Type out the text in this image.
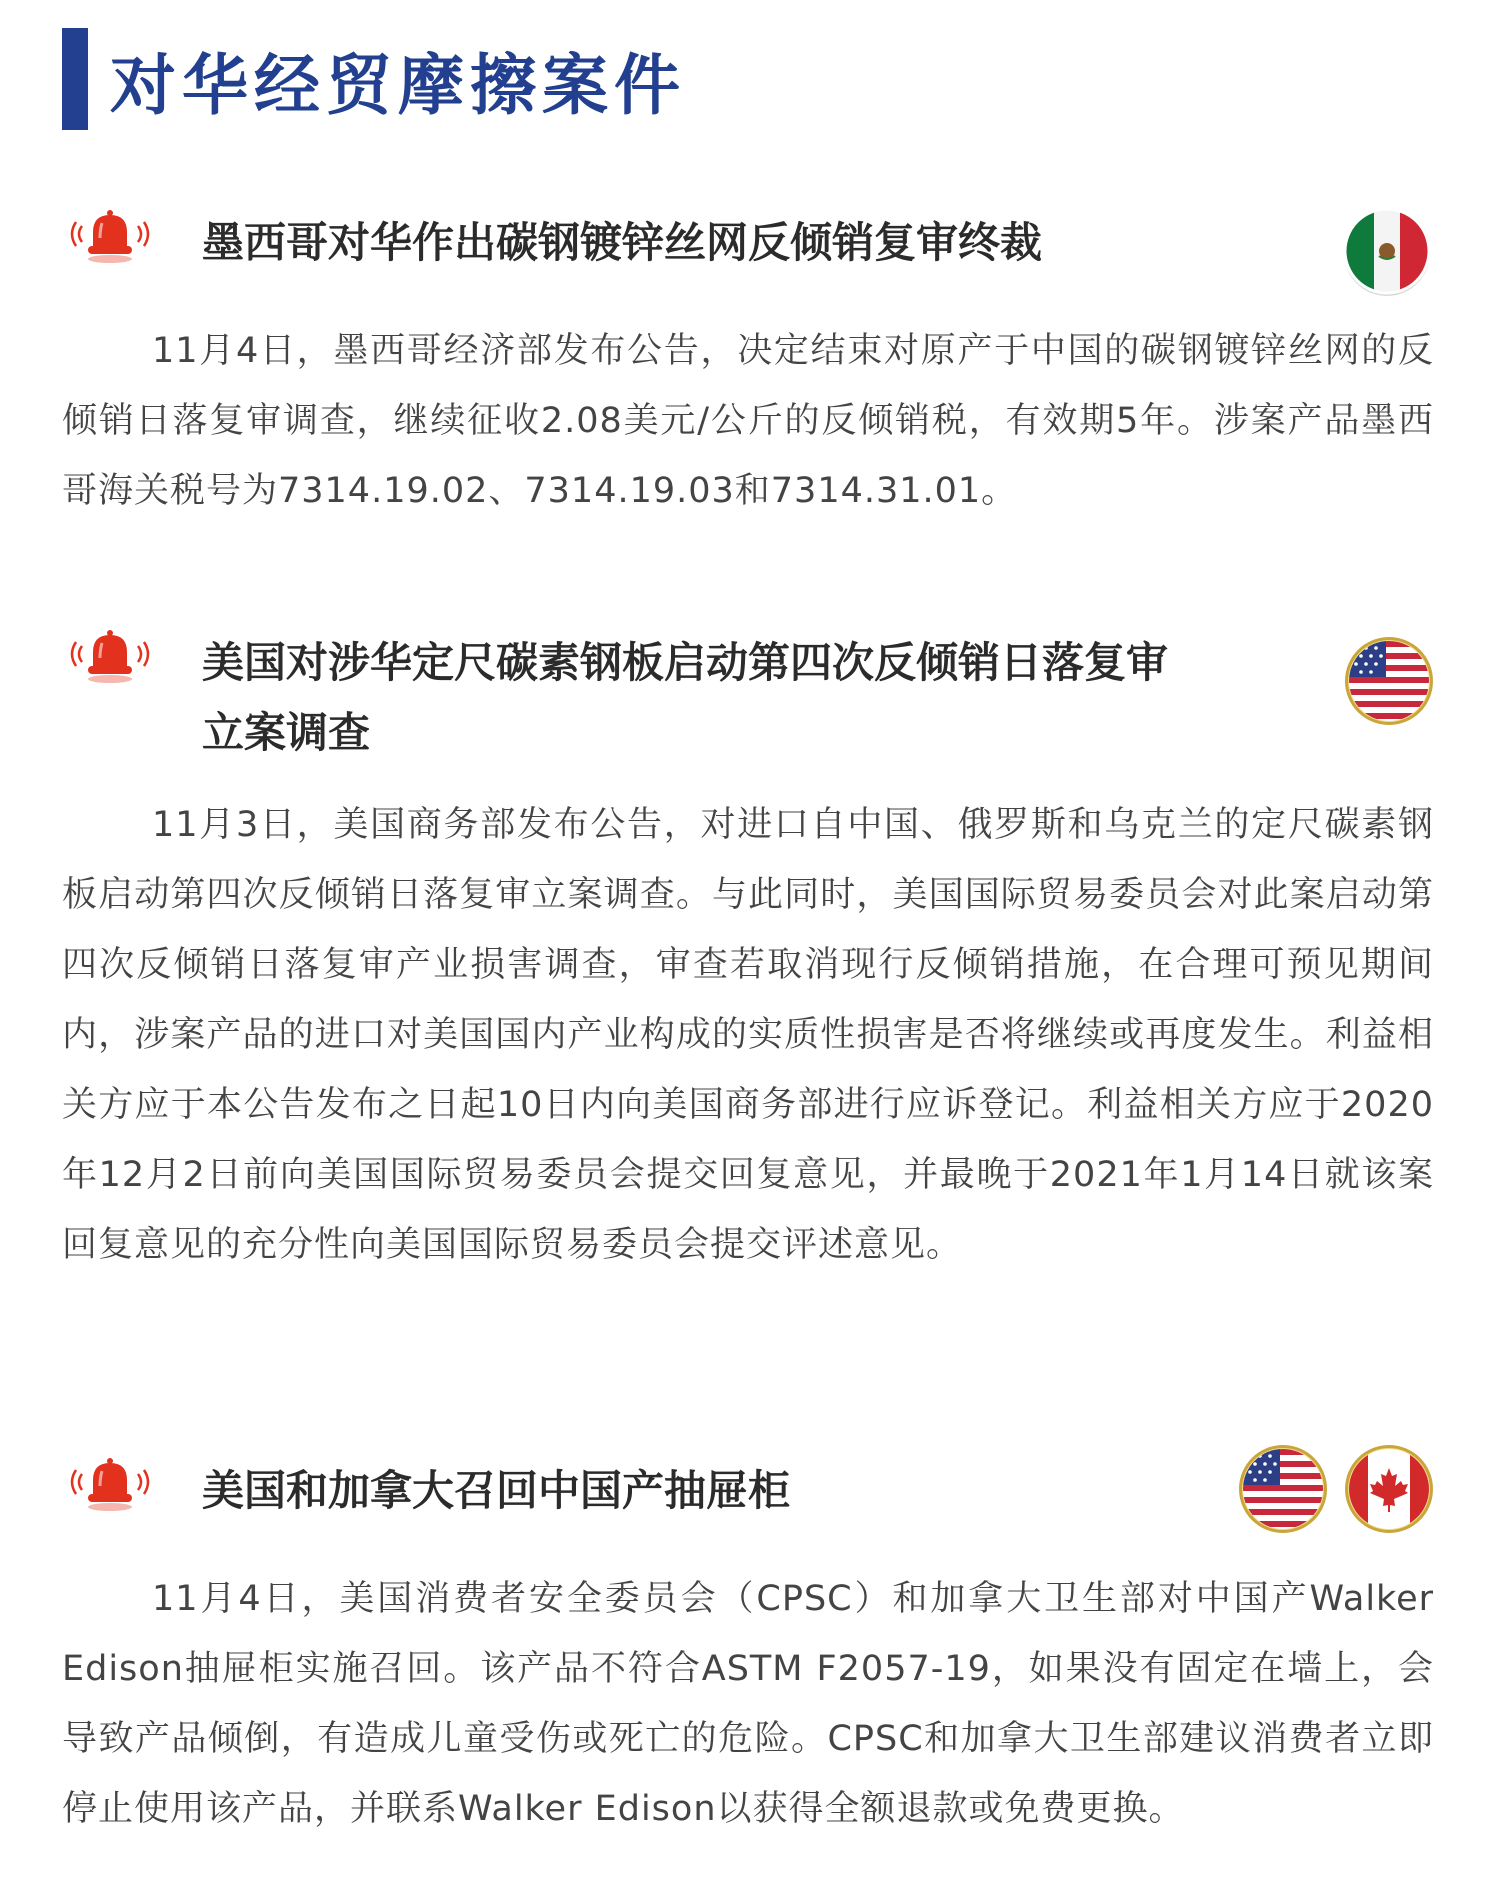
对华经贸摩擦案件
墨西哥对华作出碳钢镀锌丝网反倾销复审终裁

11月4日，墨西哥经济部发布公告，决定结束对原产于中国的碳钢镀锌丝网的反倾销日落复审调查，继续征收2.08美元/公斤的反倾销税，有效期5年。涉案产品墨西哥海关税号为7314.19.02、7314.19.03和7314.31.01。

美国对涉华定尺碳素钢板启动第四次反倾销日落复审
立案调查

11月3日，美国商务部发布公告，对进口自中国、俄罗斯和乌克兰的定尺碳素钢板启动第四次反倾销日落复审立案调查。与此同时，美国国际贸易委员会对此案启动第四次反倾销日落复审产业损害调查，审查若取消现行反倾销措施，在合理可预见期间内，涉案产品的进口对美国国内产业构成的实质性损害是否将继续或再度发生。利益相关方应于本公告发布之日起10日内向美国商务部进行应诉登记。利益相关方应于2020年12月2日前向美国国际贸易委员会提交回复意见，并最晚于2021年1月14日就该案回复意见的充分性向美国国际贸易委员会提交评述意见。

美国和加拿大召回中国产抽屉柜

11月4日，美国消费者安全委员会（CPSC）和加拿大卫生部对中国产Walker Edison抽屉柜实施召回。该产品不符合ASTM F2057-19，如果没有固定在墙上，会导致产品倾倒，有造成儿童受伤或死亡的危险。CPSC和加拿大卫生部建议消费者立即停止使用该产品，并联系Walker Edison以获得全额退款或免费更换。
